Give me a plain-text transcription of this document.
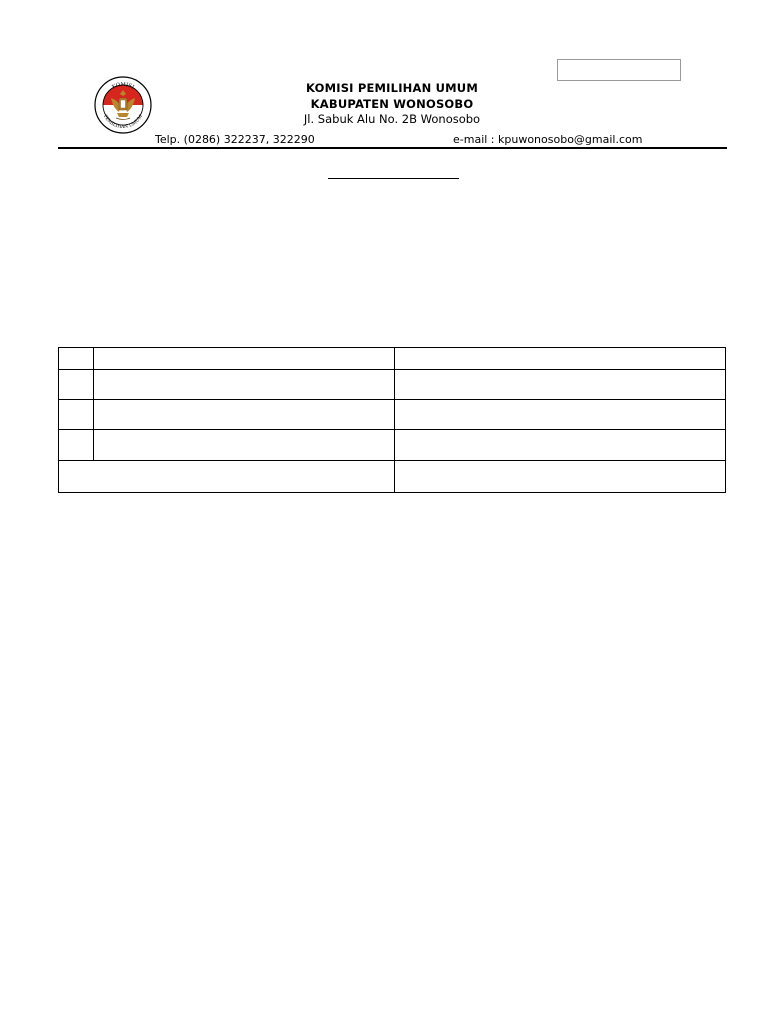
KOMISI
PEMILIHAN UMUM
KOMISI PEMILIHAN UMUM
KABUPATEN WONOSOBO
Jl. Sabuk Alu No. 2B Wonosobo
Telp. (0286) 322237, 322290	e-mail : kpuwonosobo@gmail.com
